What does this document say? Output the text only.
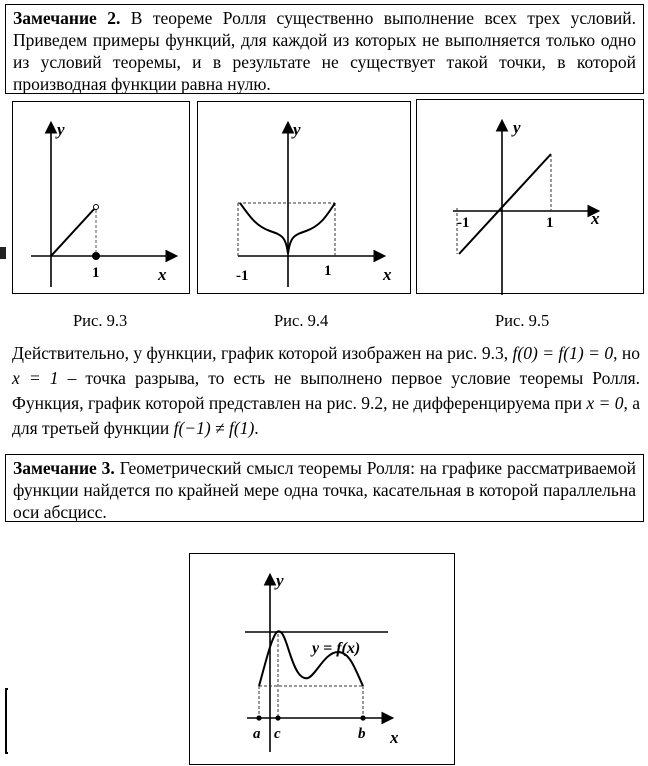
Замечание 2. В теореме Ролля существенно выполнение всех трех условий. Приведем примеры функций, для каждой из которых не выполняется только одно из условий теоремы, и в результате не существует такой точки, в которой производная функции равна нулю.
y
x
1
y
x
-1	1
y
x
-1	1
Рис. 9.3	Рис. 9.4	Рис. 9.5
Действительно, у функции, график которой изображен на рис. 9.3, f(0) = f(1) = 0, но x = 1 – точка разрыва, то есть не выполнено первое условие теоремы Ролля. Функция, график которой представлен на рис. 9.2, не дифференцируема при x = 0, а для третьей функции f(−1) ≠ f(1).
Замечание 3. Геометрический смысл теоремы Ролля: на графике рассматриваемой функции найдется по крайней мере одна точка, касательная в которой параллельна оси абсцисс.
y
x
y = f(x)
a c	b
